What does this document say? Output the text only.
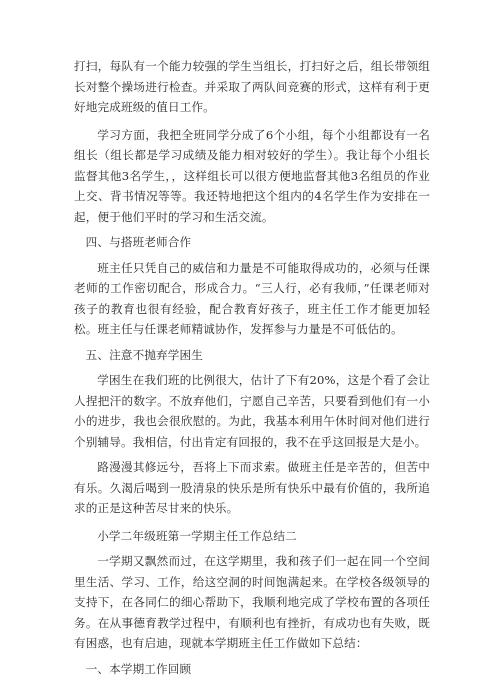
打扫，每队有一个能力较强的学生当组长，打扫好之后，组长带领组长对整个操场进行检查。并采取了两队间竞赛的形式，这样有利于更好地完成班级的值日工作。

学习方面，我把全班同学分成了6个小组，每个小组都设有一名组长（组长都是学习成绩及能力相对较好的学生）。我让每个小组长监督其他3名学生，，这样组长可以很方便地监督其他3名组员的作业上交、背书情况等等。我还特地把这个组内的4名学生作为安排在一起，便于他们平时的学习和生活交流。

四、与搭班老师合作

班主任只凭自己的威信和力量是不可能取得成功的，必须与任课老师的工作密切配合，形成合力。“三人行，必有我师，”任课老师对孩子的教育也很有经验，配合教育好孩子，班主任工作才能更加轻松。班主任与任课老师精诚协作，发挥参与力量是不可低估的。

五、注意不抛弃学困生

学困生在我们班的比例很大，估计了下有20%，这是个看了会让人捏把汗的数字。不放弃他们，宁愿自己辛苦，只要看到他们有一小小的进步，我也会很欣慰的。为此，我基本利用午休时间对他们进行个别辅导。我相信，付出肯定有回报的，我不在乎这回报是大是小。

路漫漫其修远兮，吾将上下而求索。做班主任是辛苦的，但苦中有乐。久渴后喝到一股清泉的快乐是所有快乐中最有价值的，我所追求的正是这种苦尽甘来的快乐。

小学二年级班第一学期主任工作总结二

一学期又飘然而过，在这学期里，我和孩子们一起在同一个空间里生活、学习、工作，给这空洞的时间饱满起来。在学校各级领导的支持下，在各同仁的细心帮助下，我顺利地完成了学校布置的各项任务。在从事德育教学过程中，有顺利也有挫折，有成功也有失败，既有困惑，也有启迪，现就本学期班主任工作做如下总结：

一、本学期工作回顾
